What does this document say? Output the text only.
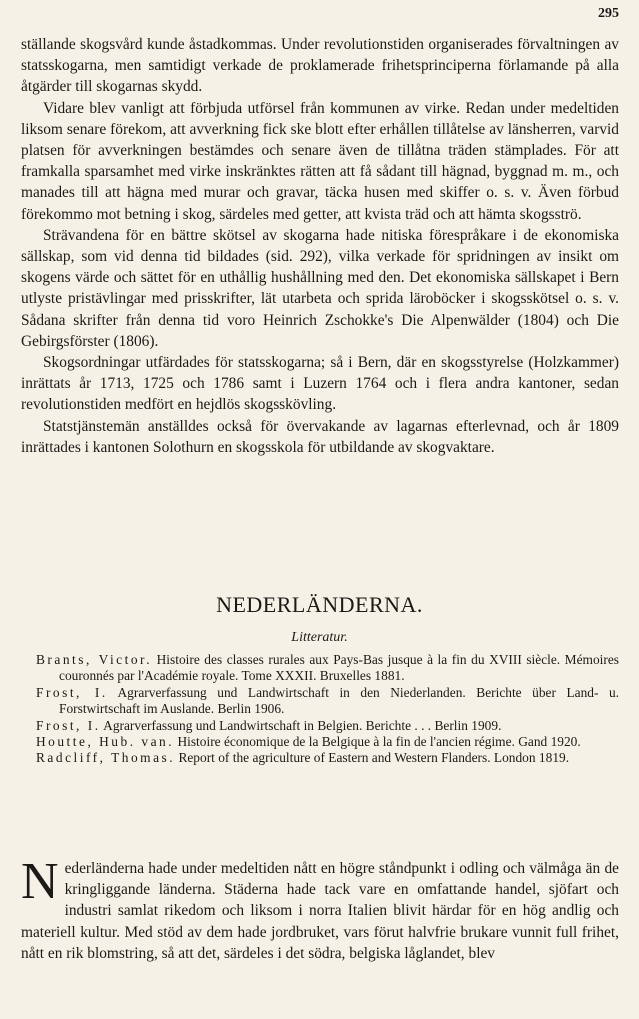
295

ställande skogsvård kunde åstadkommas. Under revolutionstiden organiserades förvaltningen av statsskogarna, men samtidigt verkade de proklamerade frihetsprinciperna förlamande på alla åtgärder till skogarnas skydd.

Vidare blev vanligt att förbjuda utförsel från kommunen av virke. Redan under medeltiden liksom senare förekom, att avverkning fick ske blott efter erhållen tillåtelse av länsherren, varvid platsen för avverkningen bestämdes och senare även de tillåtna träden stämplades. För att framkalla sparsamhet med virke inskränktes rätten att få sådant till hägnad, byggnad m. m., och manades till att hägna med murar och gravar, täcka husen med skiffer o. s. v. Även förbud förekommo mot betning i skog, särdeles med getter, att kvista träd och att hämta skogsströ.

Strävandena för en bättre skötsel av skogarna hade nitiska förespråkare i de ekonomiska sällskap, som vid denna tid bildades (sid. 292), vilka verkade för spridningen av insikt om skogens värde och sättet för en uthållig hushållning med den. Det ekonomiska sällskapet i Bern utlyste pristävlingar med prisskrifter, lät utarbeta och sprida läroböcker i skogsskötsel o. s. v. Sådana skrifter från denna tid voro Heinrich Zschokke's Die Alpenwälder (1804) och Die Gebirgsförster (1806).

Skogsordningar utfärdades för statsskogarna; så i Bern, där en skogsstyrelse (Holzkammer) inrättats år 1713, 1725 och 1786 samt i Luzern 1764 och i flera andra kantoner, sedan revolutionstiden medfört en hejdlös skogsskövling.

Statstjänstemän anställdes också för övervakande av lagarnas efterlevnad, och år 1809 inrättades i kantonen Solothurn en skogsskola för utbildande av skogvaktare.

NEDERLÄNDERNA.
Litteratur.
Brants, Victor. Histoire des classes rurales aux Pays-Bas jusque à la fin du XVIII siècle. Mémoires couronnés par l'Académie royale. Tome XXXII. Bruxelles 1881.
Frost, I. Agrarverfassung und Landwirtschaft in den Niederlanden. Berichte über Land- u. Forstwirtschaft im Auslande. Berlin 1906.
Frost, I. Agrarverfassung und Landwirtschaft in Belgien. Berichte . . . Berlin 1909.
Houtte, Hub. van. Histoire économique de la Belgique à la fin de l'ancien régime. Gand 1920.
Radcliff, Thomas. Report of the agriculture of Eastern and Western Flanders. London 1819.
N ederländerna hade under medeltiden nått en högre ståndpunkt i odling och välmåga än de kringliggande länderna. Städerna hade tack vare en omfattande handel, sjöfart och industri samlat rikedom och liksom i norra Italien blivit härdar för en hög andlig och materiell kultur. Med stöd av dem hade jordbruket, vars förut halvfrie brukare vunnit full frihet, nått en rik blomstring, så att det, särdeles i det södra, belgiska låglandet, blev
